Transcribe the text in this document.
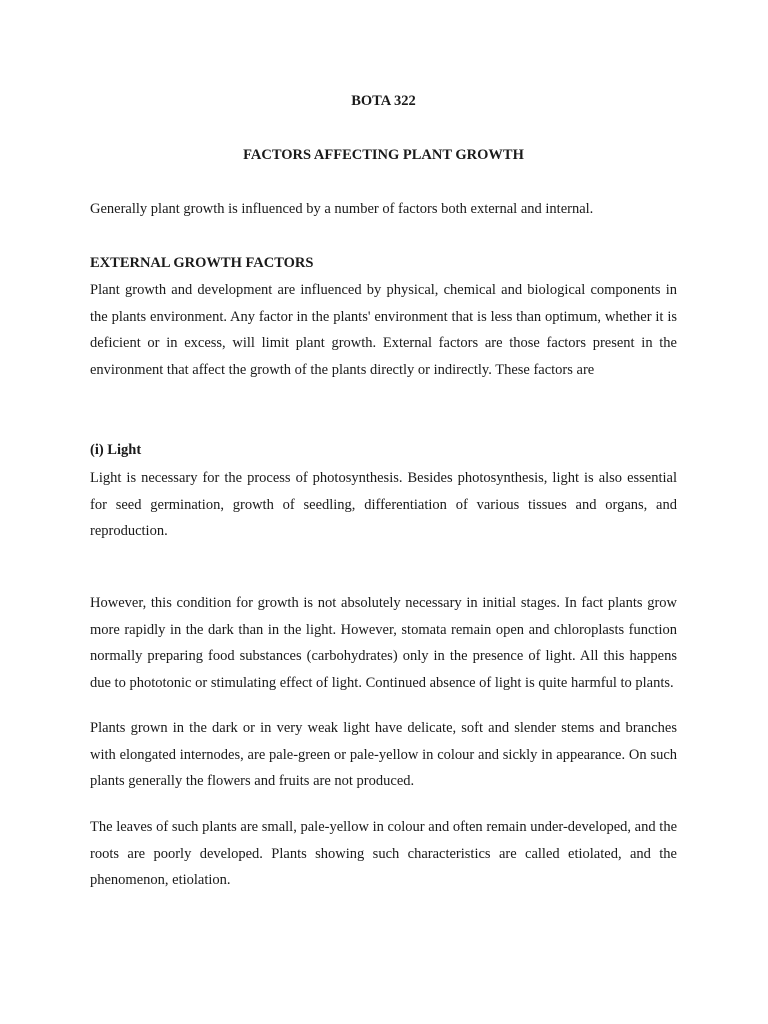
BOTA 322
FACTORS AFFECTING PLANT GROWTH

Generally plant growth is influenced by a number of factors both external and internal.

EXTERNAL GROWTH FACTORS

Plant growth and development are influenced by physical, chemical and biological components in the plants environment. Any factor in the plants' environment that is less than optimum, whether it is deficient or in excess, will limit plant growth. External factors are those factors present in the environment that affect the growth of the plants directly or indirectly. These factors are

(i) Light

Light is necessary for the process of photosynthesis. Besides photosynthesis, light is also essential for seed germination, growth of seedling, differentiation of various tissues and organs, and reproduction.

However, this condition for growth is not absolutely necessary in initial stages. In fact plants grow more rapidly in the dark than in the light. However, stomata remain open and chloroplasts function normally preparing food substances (carbohydrates) only in the presence of light. All this happens due to phototonic or stimulating effect of light. Continued absence of light is quite harmful to plants.

Plants grown in the dark or in very weak light have delicate, soft and slender stems and branches with elongated internodes, are pale-green or pale-yellow in colour and sickly in appearance. On such plants generally the flowers and fruits are not produced.

The leaves of such plants are small, pale-yellow in colour and often remain under-developed, and the roots are poorly developed. Plants showing such characteristics are called etiolated, and the phenomenon, etiolation.
